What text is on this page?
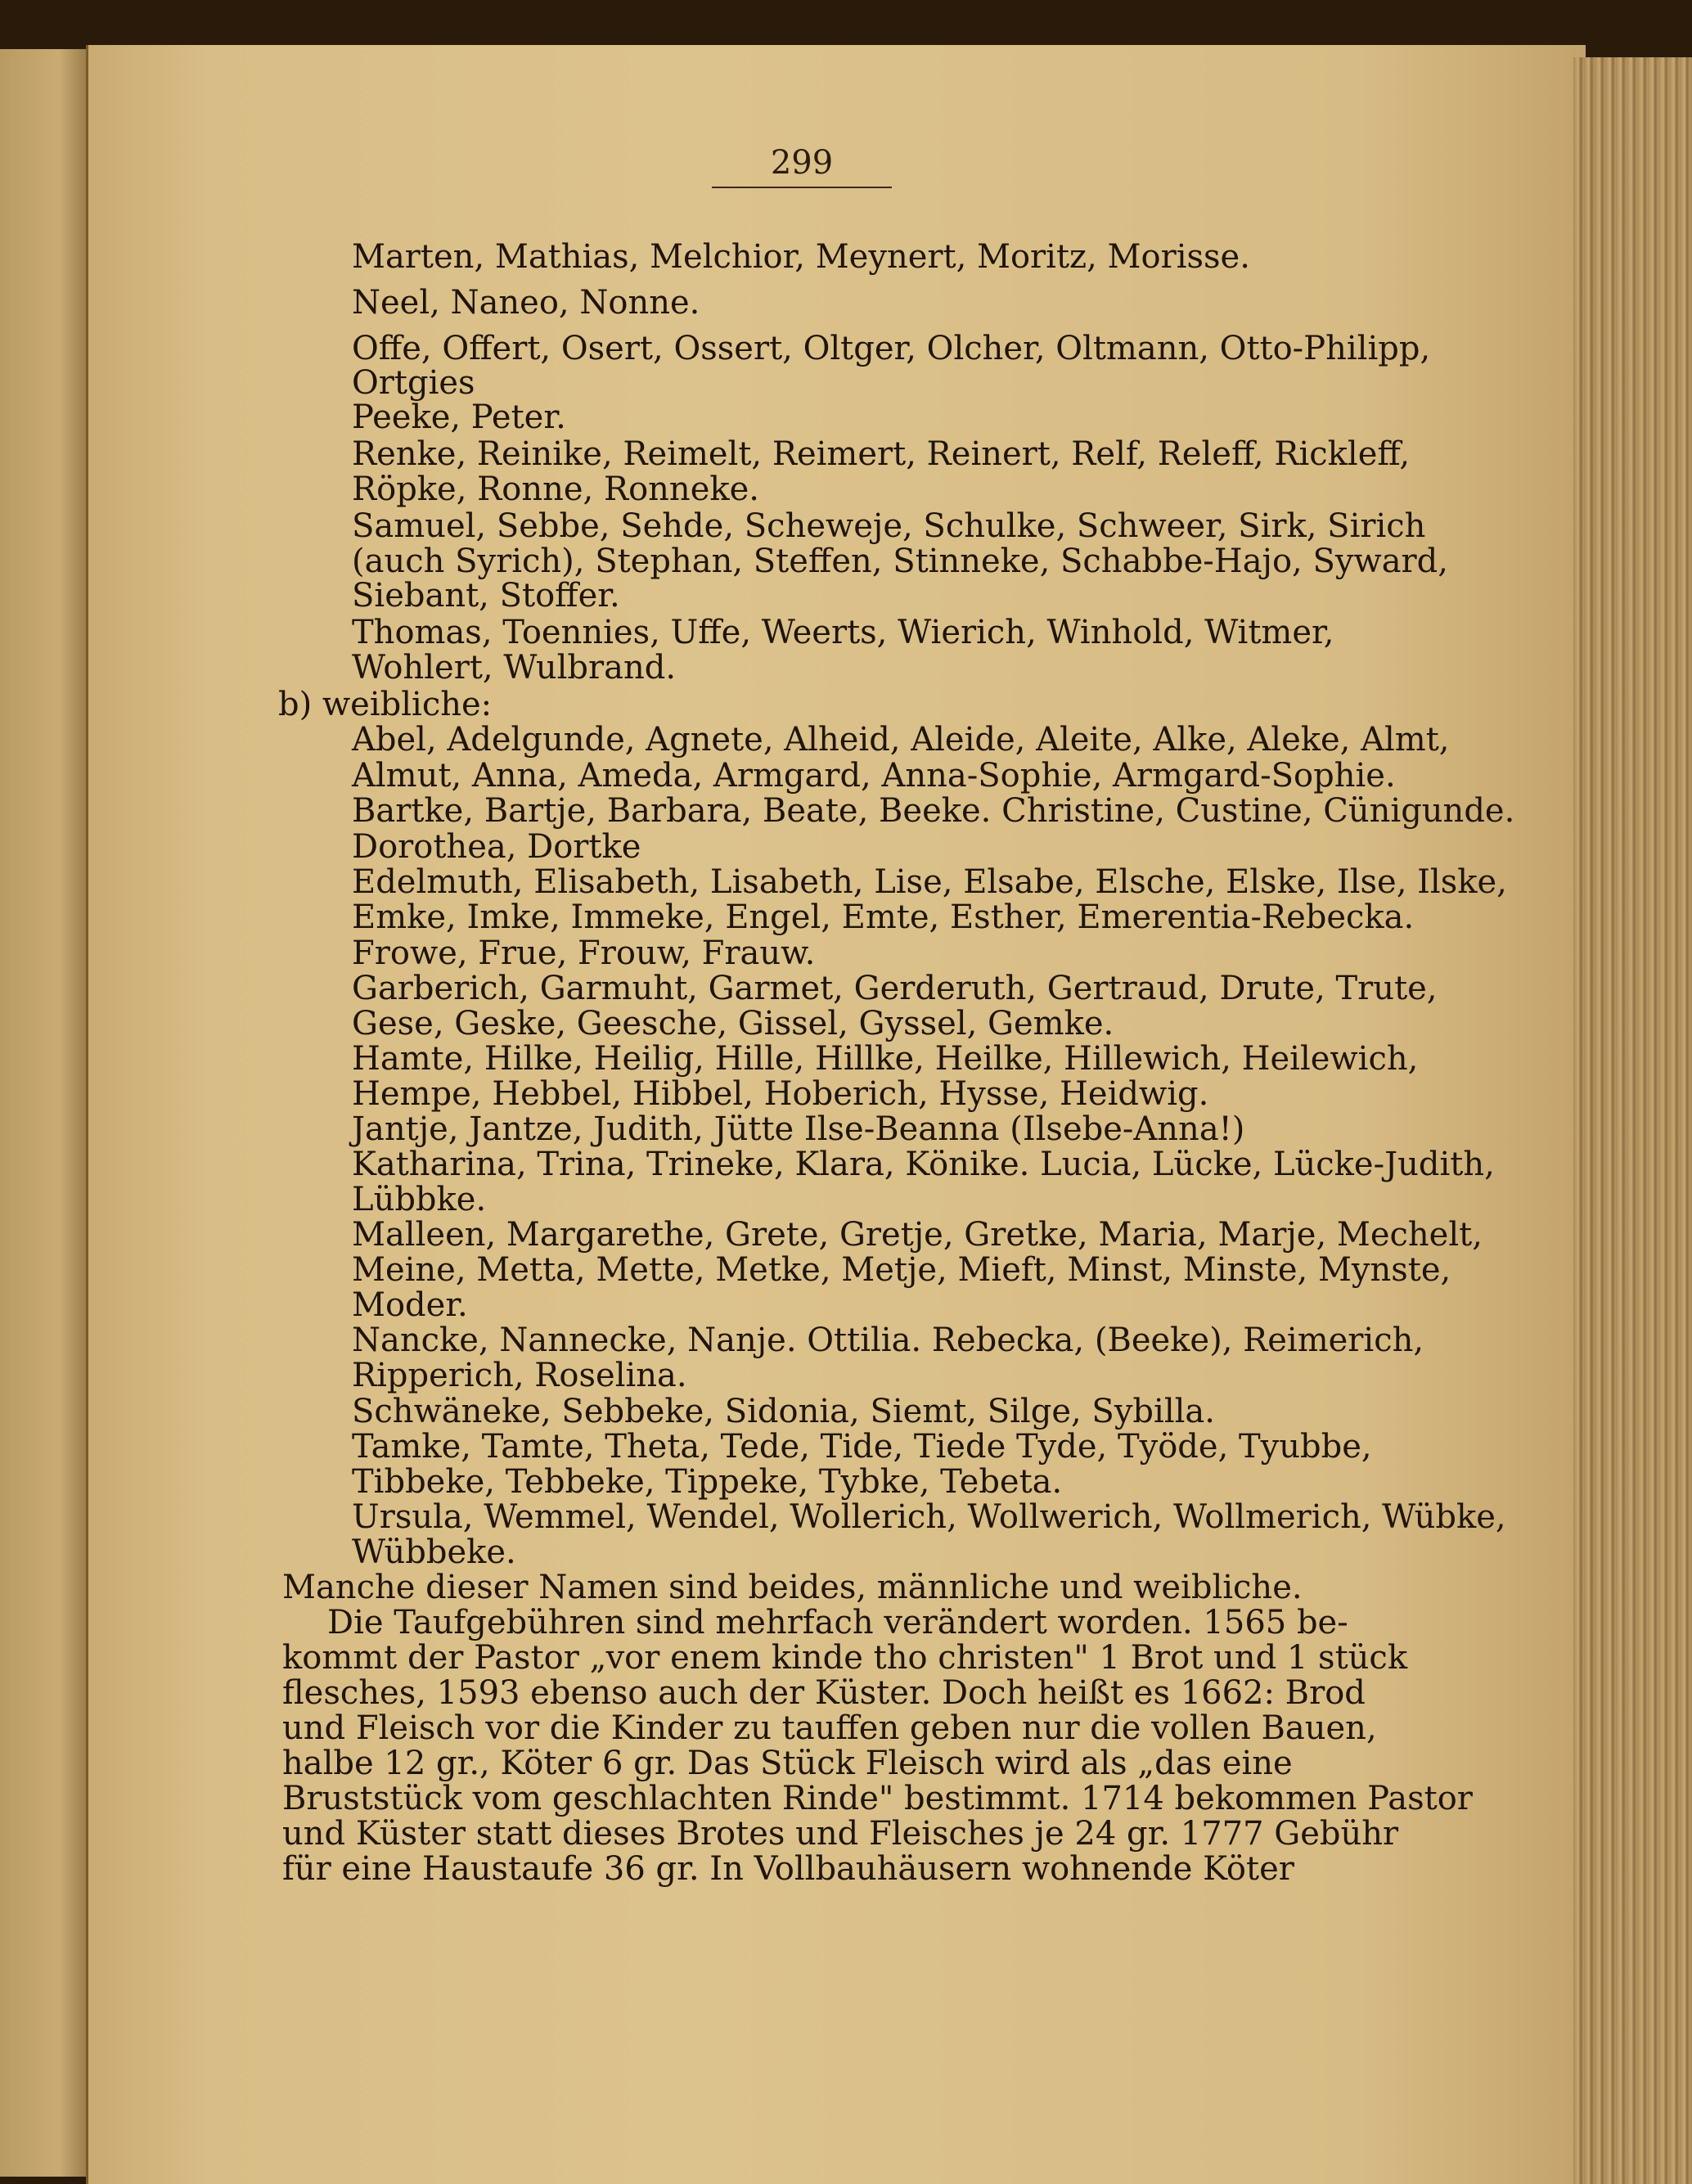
299
Marten, Mathias, Melchior, Meynert, Moritz, Morisse.
Neel, Naneo, Nonne.
Offe, Offert, Osert, Ossert, Oltger, Olcher, Oltmann, Otto-Philipp,
Ortgies
Peeke, Peter.
Renke, Reinike, Reimelt, Reimert, Reinert, Relf, Releff, Rickleff,
Röpke, Ronne, Ronneke.
Samuel, Sebbe, Sehde, Scheweje, Schulke, Schweer, Sirk, Sirich
(auch Syrich), Stephan, Steffen, Stinneke, Schabbe-Hajo, Syward,
Siebant, Stoffer.
Thomas, Toennies, Uffe, Weerts, Wierich, Winhold, Witmer,
Wohlert, Wulbrand.
b) weibliche:
Abel, Adelgunde, Agnete, Alheid, Aleide, Aleite, Alke, Aleke, Almt,
Almut, Anna, Ameda, Armgard, Anna-Sophie, Armgard-Sophie.
Bartke, Bartje, Barbara, Beate, Beeke. Christine, Custine, Cünigunde.
Dorothea, Dortke
Edelmuth, Elisabeth, Lisabeth, Lise, Elsabe, Elsche, Elske, Ilse, Ilske,
Emke, Imke, Immeke, Engel, Emte, Esther, Emerentia-Rebecka.
Frowe, Frue, Frouw, Frauw.
Garberich, Garmuht, Garmet, Gerderuth, Gertraud, Drute, Trute,
Gese, Geske, Geesche, Gissel, Gyssel, Gemke.
Hamte, Hilke, Heilig, Hille, Hillke, Heilke, Hillewich, Heilewich,
Hempe, Hebbel, Hibbel, Hoberich, Hysse, Heidwig.
Jantje, Jantze, Judith, Jütte Ilse-Beanna (Ilsebe-Anna!)
Katharina, Trina, Trineke, Klara, Könike. Lucia, Lücke, Lücke-Judith,
Lübbke.
Malleen, Margarethe, Grete, Gretje, Gretke, Maria, Marje, Mechelt,
Meine, Metta, Mette, Metke, Metje, Mieft, Minst, Minste, Mynste,
Moder.
Nancke, Nannecke, Nanje. Ottilia. Rebecka, (Beeke), Reimerich,
Ripperich, Roselina.
Schwäneke, Sebbeke, Sidonia, Siemt, Silge, Sybilla.
Tamke, Tamte, Theta, Tede, Tide, Tiede Tyde, Työde, Tyubbe,
Tibbeke, Tebbeke, Tippeke, Tybke, Tebeta.
Ursula, Wemmel, Wendel, Wollerich, Wollwerich, Wollmerich, Wübke,
Wübbeke.
Manche dieser Namen sind beides, männliche und weibliche.
Die Taufgebühren sind mehrfach verändert worden. 1565 be-
kommt der Pastor „vor enem kinde tho christen" 1 Brot und 1 stück
flesches, 1593 ebenso auch der Küster. Doch heißt es 1662: Brod
und Fleisch vor die Kinder zu tauffen geben nur die vollen Bauen,
halbe 12 gr., Köter 6 gr. Das Stück Fleisch wird als „das eine
Bruststück vom geschlachten Rinde" bestimmt. 1714 bekommen Pastor
und Küster statt dieses Brotes und Fleisches je 24 gr. 1777 Gebühr
für eine Haustaufe 36 gr. In Vollbauhäusern wohnende Köter
